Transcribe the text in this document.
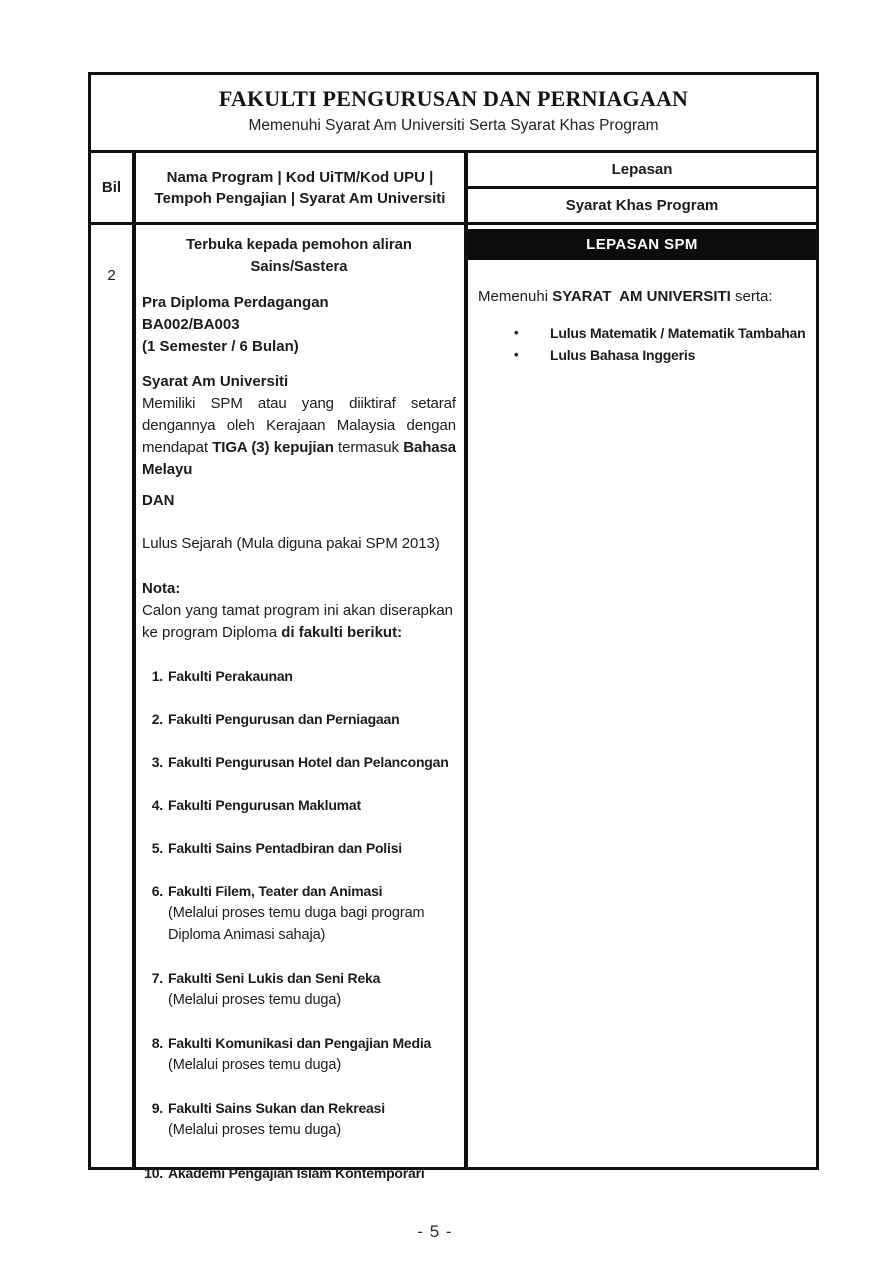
FAKULTI PENGURUSAN DAN PERNIAGAAN
Memenuhi Syarat Am Universiti Serta Syarat Khas Program
Bil
Nama Program | Kod UiTM/Kod UPU | Tempoh Pengajian | Syarat Am Universiti
Lepasan
Syarat Khas Program
2
Terbuka kepada pemohon aliran Sains/Sastera
Pra Diploma Perdagangan
BA002/BA003
(1 Semester / 6 Bulan)
Syarat Am Universiti
Memiliki SPM atau yang diiktiraf setaraf dengannya oleh Kerajaan Malaysia dengan mendapat TIGA (3) kepujian termasuk Bahasa Melayu
DAN
Lulus Sejarah (Mula diguna pakai SPM 2013)
Nota:
Calon yang tamat program ini akan diserapkan ke program Diploma di fakulti berikut:
1. Fakulti Perakaunan
2. Fakulti Pengurusan dan Perniagaan
3. Fakulti Pengurusan Hotel dan Pelancongan
4. Fakulti Pengurusan Maklumat
5. Fakulti Sains Pentadbiran dan Polisi
6. Fakulti Filem, Teater dan Animasi
(Melalui proses temu duga bagi program Diploma Animasi sahaja)
7. Fakulti Seni Lukis dan Seni Reka
(Melalui proses temu duga)
8. Fakulti Komunikasi dan Pengajian Media
(Melalui proses temu duga)
9. Fakulti Sains Sukan dan Rekreasi
(Melalui proses temu duga)
10. Akademi Pengajian Islam Kontemporari
LEPASAN SPM
Memenuhi SYARAT  AM UNIVERSITI serta:
•	Lulus Matematik / Matematik Tambahan
•	Lulus Bahasa Inggeris
- 5 -
